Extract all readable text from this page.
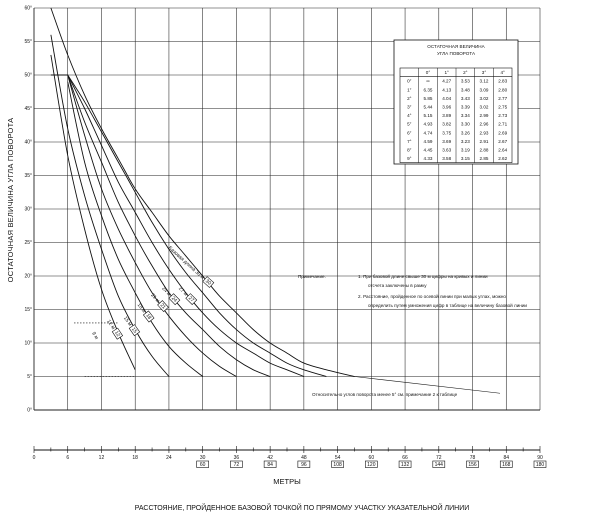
0°
5°
10°
15°
20°
25°
30°
35°
40°
45°
50°
55°
60°
0	6	12	18	24	30	36	42	48	54	60	66	72	78	84	90
60	72	84	96	108	120	132	144	156	168	180
Базовая длина 30 м
30
27 м
27
24 м
24
21 м
21
18 м
18
15 м
15
12 м
12
9 м
ОСТАТОЧНАЯ ВЕЛИЧИНА
УГЛА ПОВОРОТА
0°	1°	2°	3°	4°
0°	∞	4.27 3.53 3.12 2.83
1°	6.35 4.13 3.48 3.09 2.80
2°	5.85 4.04 3.43 3.02 2.77
3°	5.44 3.96 3.39 3.02 2.75
4°	5.15 3.89 3.34 2.99 2.73
5°	4.93 3.82 3.30 2.96 2.71
6°	4.74 3.75 3.26 2.93 2.69
7°	4.59 3.69 3.23 2.91 2.67
8°	4.45 3.63 3.19 2.88 2.64
9°	4.33 3.58 3.15 2.85 2.62
Примечание.	1. При базовой длине свыше 30 м цифры на кривых и линии
отсчета заключены в рамку
2. Расстояние, пройденное по осевой линии при малых углах, можно
определить путем умножения цифр в таблице на величину базовой линии
Относительно углов поворота менее 5° см. примечание 2 к таблице
ОСТАТОЧНАЯ ВЕЛИЧИНА УГЛА ПОВОРОТА
МЕТРЫ
РАССТОЯНИЕ, ПРОЙДЕННОЕ БАЗОВОЙ ТОЧКОЙ ПО ПРЯМОМУ УЧАСТКУ УКАЗАТЕЛЬНОЙ ЛИНИИ
